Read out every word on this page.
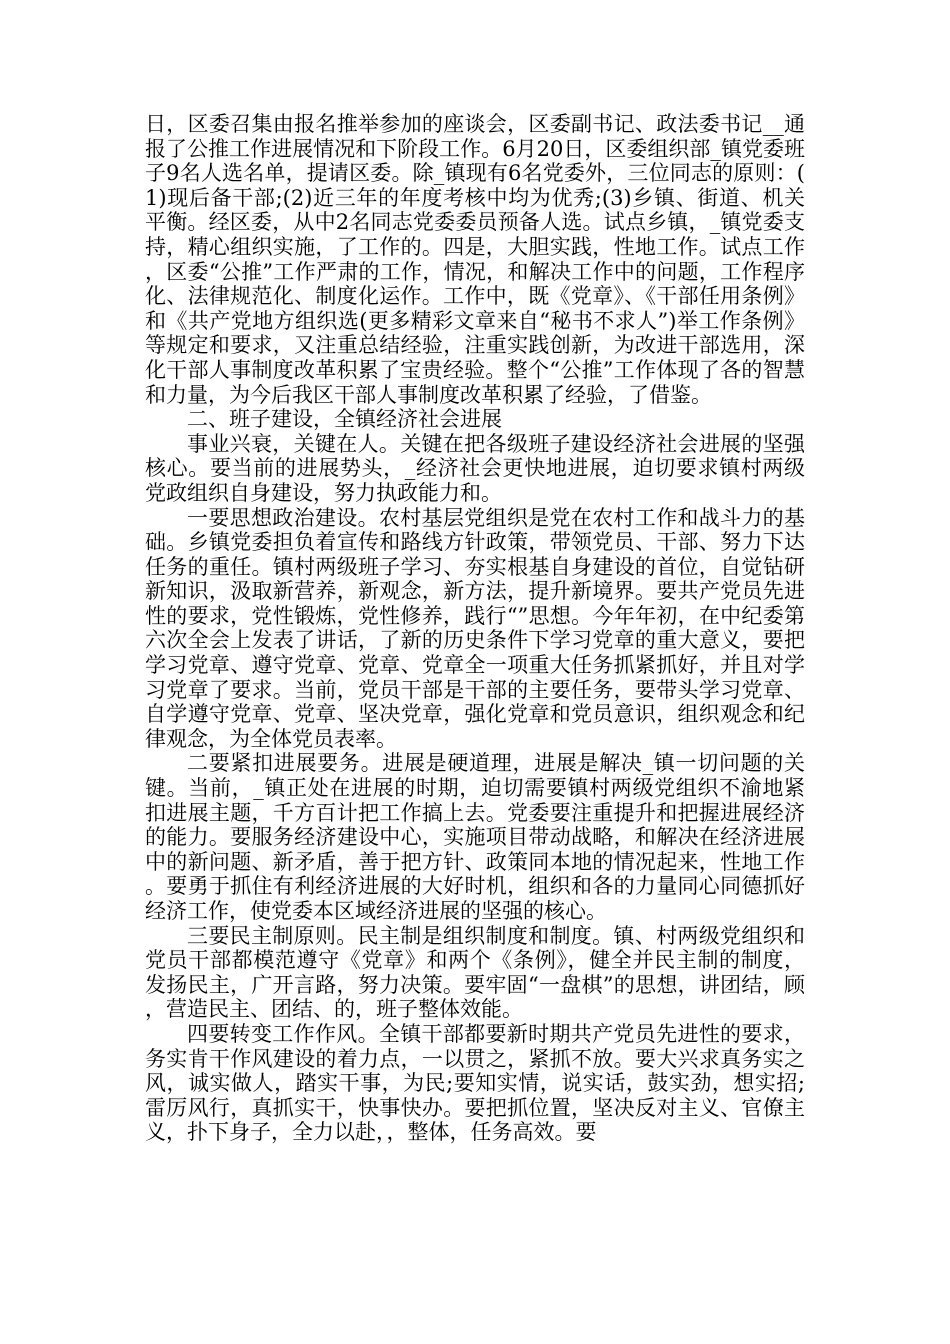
日，区委召集由报名推举参加的座谈会，区委副书记、政法委书记__通报了公推工作进展情况和下阶段工作。6月20日，区委组织部_镇党委班子9名人选名单，提请区委。除_镇现有6名党委外，三位同志的原则：(1)现后备干部;(2)近三年的年度考核中均为优秀;(3)乡镇、街道、机关平衡。经区委，从中2名同志党委委员预备人选。试点乡镇，_镇党委支持，精心组织实施，了工作的。四是，大胆实践，性地工作。试点工作，区委“公推”工作严肃的工作，情况，和解决工作中的问题，工作程序化、法律规范化、制度化运作。工作中，既《党章》、《干部任用条例》和《共产党地方组织选(更多精彩文章来自“秘书不求人”)举工作条例》等规定和要求，又注重总结经验，注重实践创新，为改进干部选用，深化干部人事制度改革积累了宝贵经验。整个“公推”工作体现了各的智慧和力量，为今后我区干部人事制度改革积累了经验，了借鉴。

二、班子建设，全镇经济社会进展

事业兴衰，关键在人。关键在把各级班子建设经济社会进展的坚强核心。要当前的进展势头，_经济社会更快地进展，迫切要求镇村两级党政组织自身建设，努力执政能力和。

一要思想政治建设。农村基层党组织是党在农村工作和战斗力的基础。乡镇党委担负着宣传和路线方针政策，带领党员、干部、努力下达任务的重任。镇村两级班子学习、夯实根基自身建设的首位，自觉钻研新知识，汲取新营养，新观念，新方法，提升新境界。要共产党员先进性的要求，党性锻炼，党性修养，践行“”思想。今年年初，在中纪委第六次全会上发表了讲话，了新的历史条件下学习党章的重大意义，要把学习党章、遵守党章、党章、党章全一项重大任务抓紧抓好，并且对学习党章了要求。当前，党员干部是干部的主要任务，要带头学习党章、自学遵守党章、党章、坚决党章，强化党章和党员意识，组织观念和纪律观念，为全体党员表率。

二要紧扣进展要务。进展是硬道理，进展是解决_镇一切问题的关键。当前，_镇正处在进展的时期，迫切需要镇村两级党组织不渝地紧扣进展主题，千方百计把工作搞上去。党委要注重提升和把握进展经济的能力。要服务经济建设中心，实施项目带动战略，和解决在经济进展中的新问题、新矛盾，善于把方针、政策同本地的情况起来，性地工作。要勇于抓住有利经济进展的大好时机，组织和各的力量同心同德抓好经济工作，使党委本区域经济进展的坚强的核心。

三要民主制原则。民主制是组织制度和制度。镇、村两级党组织和党员干部都模范遵守《党章》和两个《条例》，健全并民主制的制度，发扬民主，广开言路，努力决策。要牢固“一盘棋”的思想，讲团结，顾，营造民主、团结、的，班子整体效能。

四要转变工作作风。全镇干部都要新时期共产党员先进性的要求，务实肯干作风建设的着力点，一以贯之，紧抓不放。要大兴求真务实之风，诚实做人，踏实干事，为民;要知实情，说实话，鼓实劲，想实招;雷厉风行，真抓实干，快事快办。要把抓位置，坚决反对主义、官僚主义，扑下身子，全力以赴，，整体，任务高效。要
